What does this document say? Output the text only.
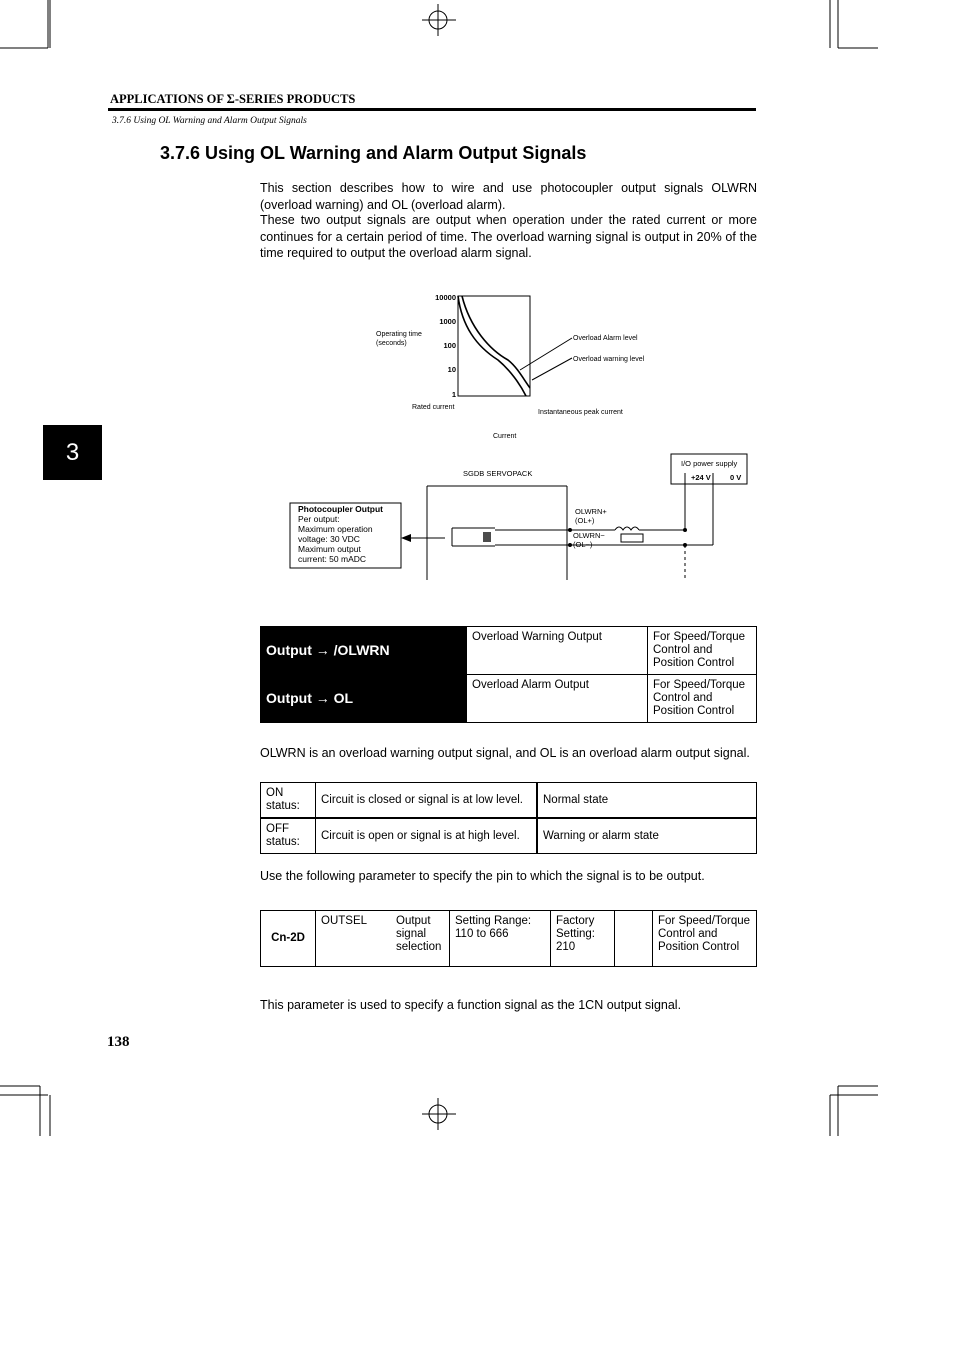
APPLICATIONS OF Σ-SERIES PRODUCTS
3.7.6 Using OL Warning and Alarm Output Signals
3.7.6 Using OL Warning and Alarm Output Signals
This section describes how to wire and use photocoupler output signals OLWRN (overload warning) and OL (overload alarm).
These two output signals are output when operation under the rated current or more continues for a certain period of time. The overload warning signal is output in 20% of the time required to output the overload alarm signal.
3
10000
1000
100
10
1
Operating time
(seconds)
Overload Alarm level
Overload warning level
Rated current
Instantaneous peak current
Current
SGDB SERVOPACK
I/O power supply
+24 V	0 V
OLWRN+
(OL+)
OLWRN−
(OL−)
Photocoupler Output
Per output:
Maximum operation
voltage: 30 VDC
Maximum output
current: 50 mADC
Output → /OLWRN	Overload Warning Output	For Speed/Torque Control and Position Control
Output → OL	Overload Alarm Output	For Speed/Torque Control and Position Control
OLWRN is an overload warning output signal, and OL is an overload alarm output signal.
ON status:	Circuit is closed or signal is at low level.	Normal state
OFF status:	Circuit is open or signal is at high level.	Warning or alarm state
Use the following parameter to specify the pin to which the signal is to be output.
Cn-2D	OUTSEL	Output signal selection	Setting Range: 110 to 666	Factory Setting: 210		For Speed/Torque Control and Position Control
This parameter is used to specify a function signal as the 1CN output signal.
138
